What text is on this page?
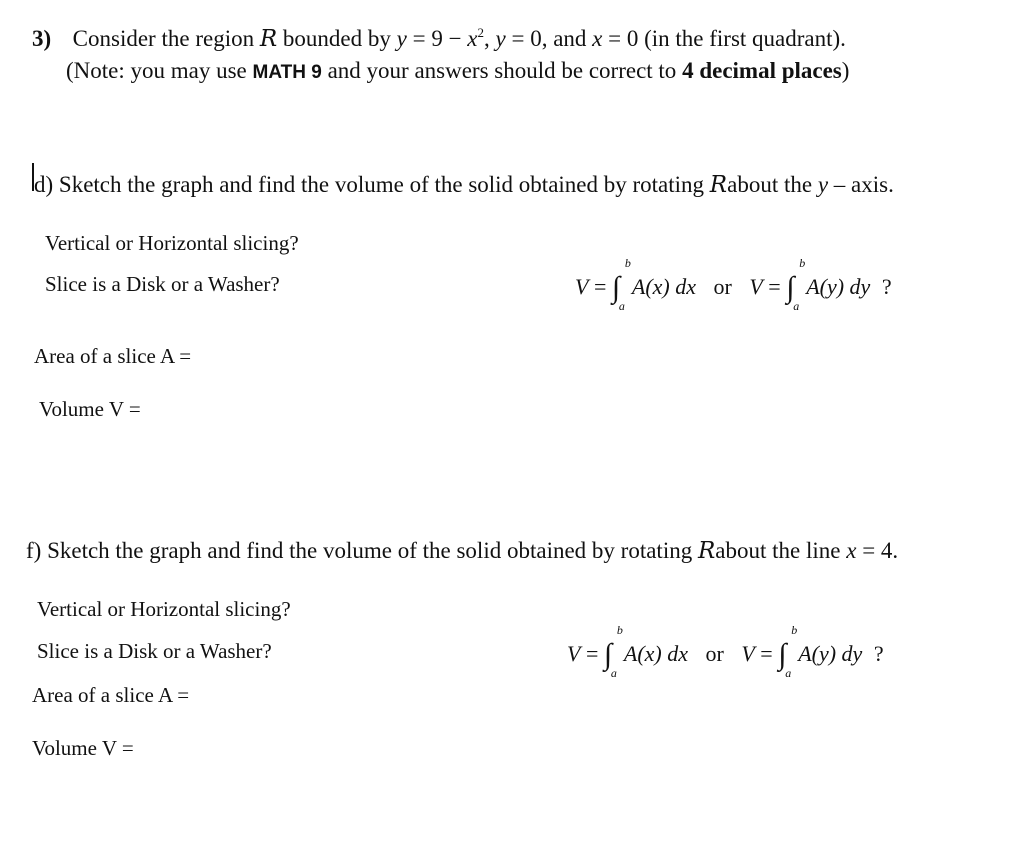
3) Consider the region R bounded by $y = 9 - x^2$, y = 0, and x = 0 (in the first quadrant).
(Note: you may use MATH 9 and your answers should be correct to 4 decimal places)
d) Sketch the graph and find the volume of the solid obtained by rotating Rabout the y – axis.
Vertical or Horizontal slicing?
Slice is a Disk or a Washer?	V = ∫
b
a
A(x) dx or V = ∫
b
a
A(y) dy ?
Area of a slice A =
Volume V =
f) Sketch the graph and find the volume of the solid obtained by rotating Rabout the line x = 4.
Vertical or Horizontal slicing?
Slice is a Disk or a Washer?	V = ∫
b
a
A(x) dx or V = ∫
b
a
A(y) dy ?
Area of a slice A =
Volume V =
